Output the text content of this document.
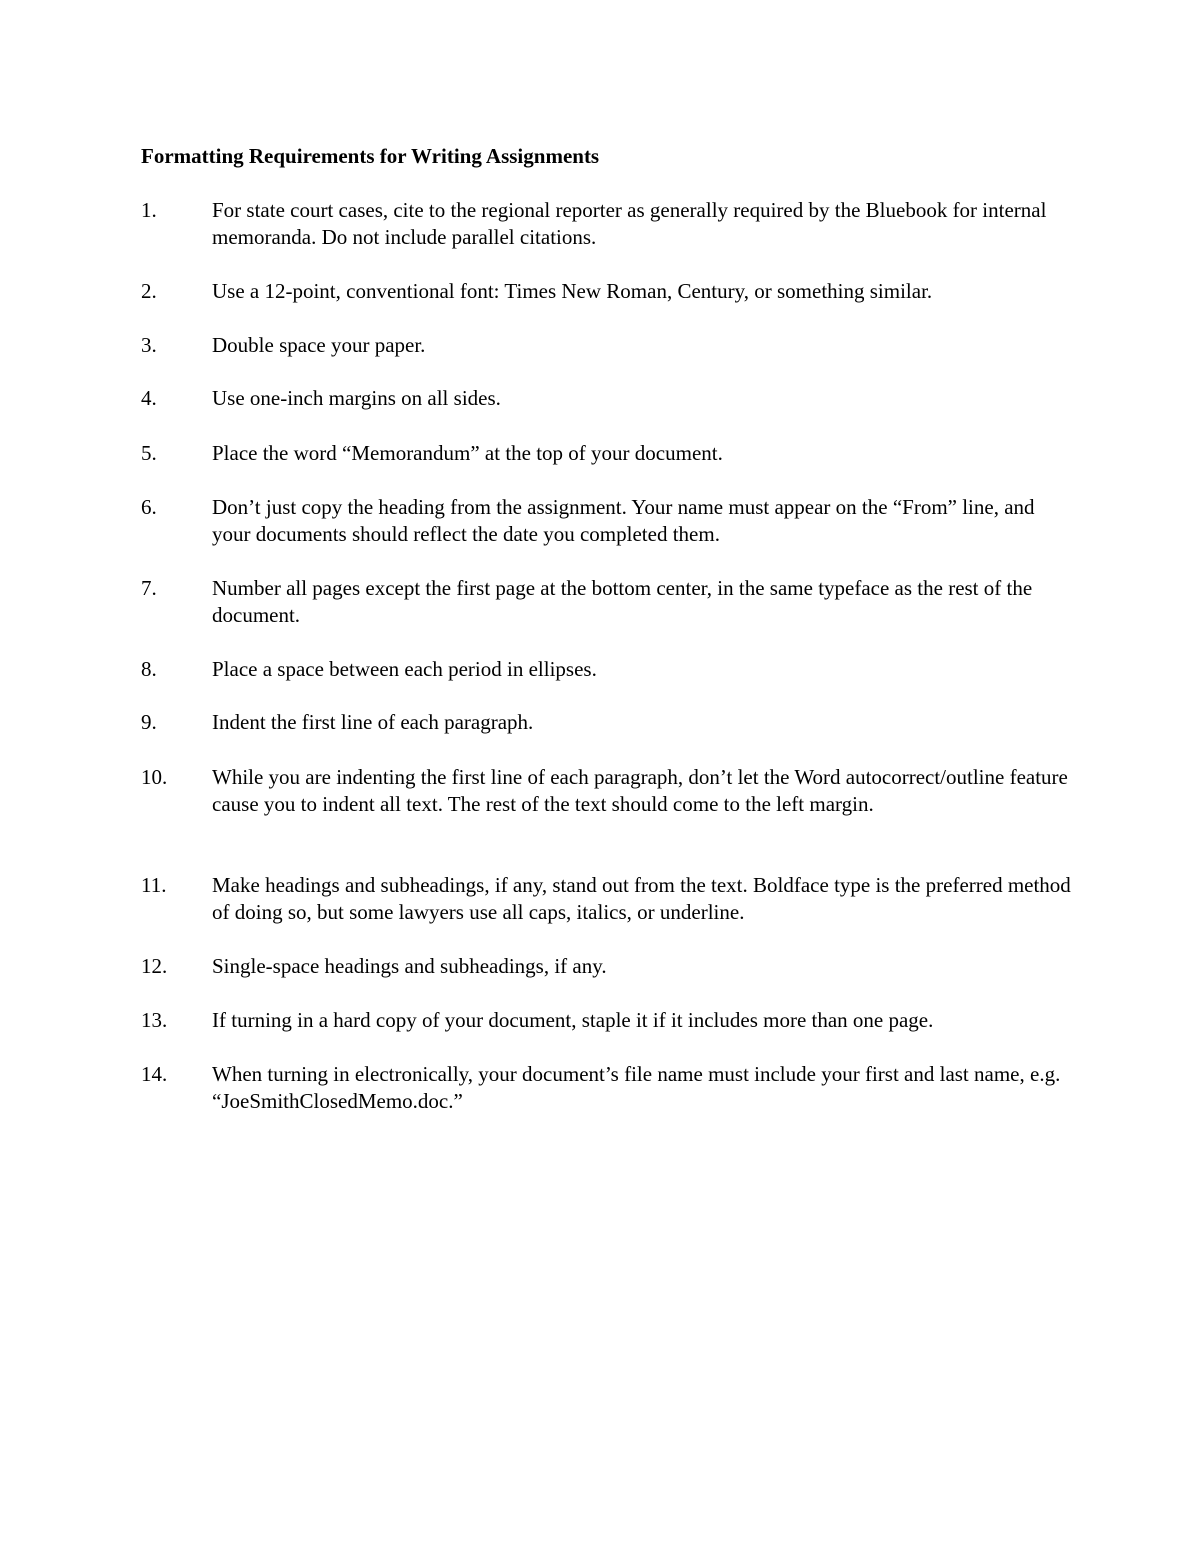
Formatting Requirements for Writing Assignments
1.	For state court cases, cite to the regional reporter as generally required by the Bluebook for internal memoranda. Do not include parallel citations.
2.	Use a 12-point, conventional font: Times New Roman, Century, or something similar.
3.	Double space your paper.
4.	Use one-inch margins on all sides.
5.	Place the word “Memorandum” at the top of your document.
6.	Don’t just copy the heading from the assignment. Your name must appear on the “From” line, and your documents should reflect the date you completed them.
7.	Number all pages except the first page at the bottom center, in the same typeface as the rest of the document.
8.	Place a space between each period in ellipses.
9.	Indent the first line of each paragraph.
10. While you are indenting the first line of each paragraph, don’t let the Word autocorrect/outline feature cause you to indent all text. The rest of the text should come to the left margin.
11. Make headings and subheadings, if any, stand out from the text. Boldface type is the preferred method of doing so, but some lawyers use all caps, italics, or underline.
12. Single-space headings and subheadings, if any.
13. If turning in a hard copy of your document, staple it if it includes more than one page.
14. When turning in electronically, your document’s file name must include your first and last name, e.g. “JoeSmithClosedMemo.doc.”
